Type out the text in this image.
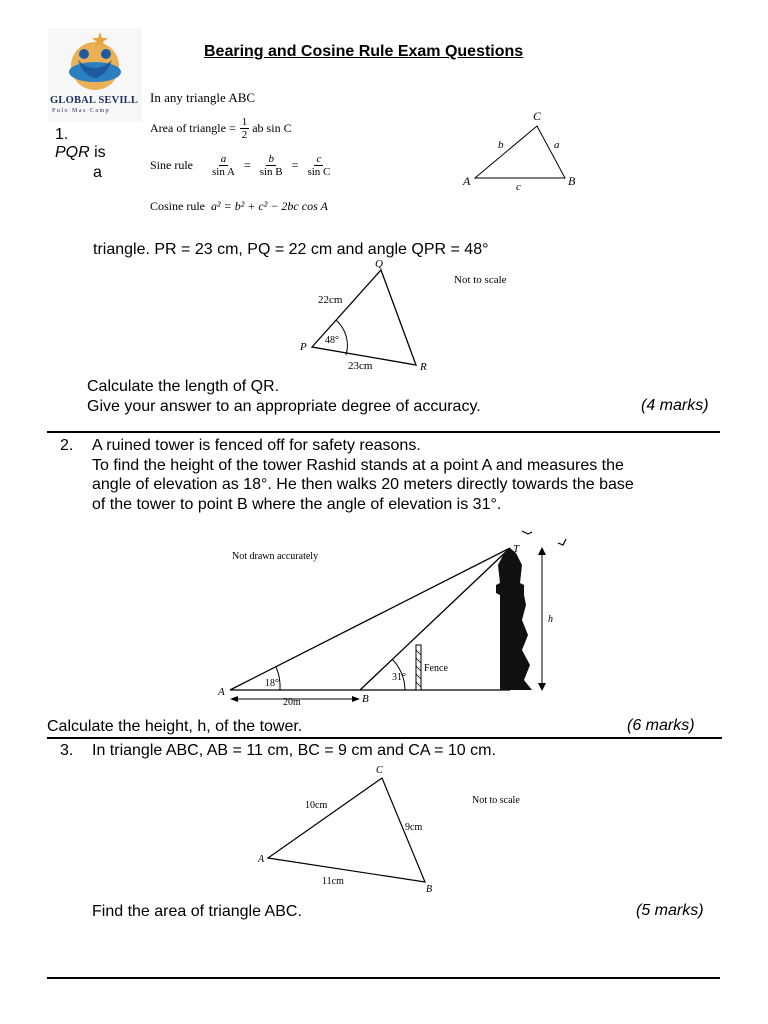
GLOBAL SEVILL
Pulo Mas Camp
Bearing and Cosine Rule Exam Questions
In any triangle ABC
Area of triangle = $\frac{1}{2}$ ab sin C
Sine rule $\frac{a}{\text{sin A}} = \frac{b}{\text{sin B}} = \frac{c}{\text{sin C}}$
Cosine rule a² = b² + c² − 2bc cos A
C
A	B
b	a
c
1.
PQR is
a
triangle. PR = 23 cm, PQ = 22 cm and angle QPR = 48°
Q
P
R
22cm
23cm
48°
Not to scale
Calculate the length of QR.
Give your answer to an appropriate degree of accuracy.	(4 marks)
2. A ruined tower is fenced off for safety reasons.
To find the height of the tower Rashid stands at a point A and measures the
angle of elevation as 18°. He then walks 20 meters directly towards the base
of the tower to point B where the angle of elevation is 31°.
Not drawn accurately
T
h
Fence
A
B
18°
31°
20m
Calculate the height, h, of the tower.	(6 marks)
3. In triangle ABC, AB = 11 cm, BC = 9 cm and CA = 10 cm.
C
A
B
10cm
9cm
11cm
Not to scale
Find the area of triangle ABC.	(5 marks)
